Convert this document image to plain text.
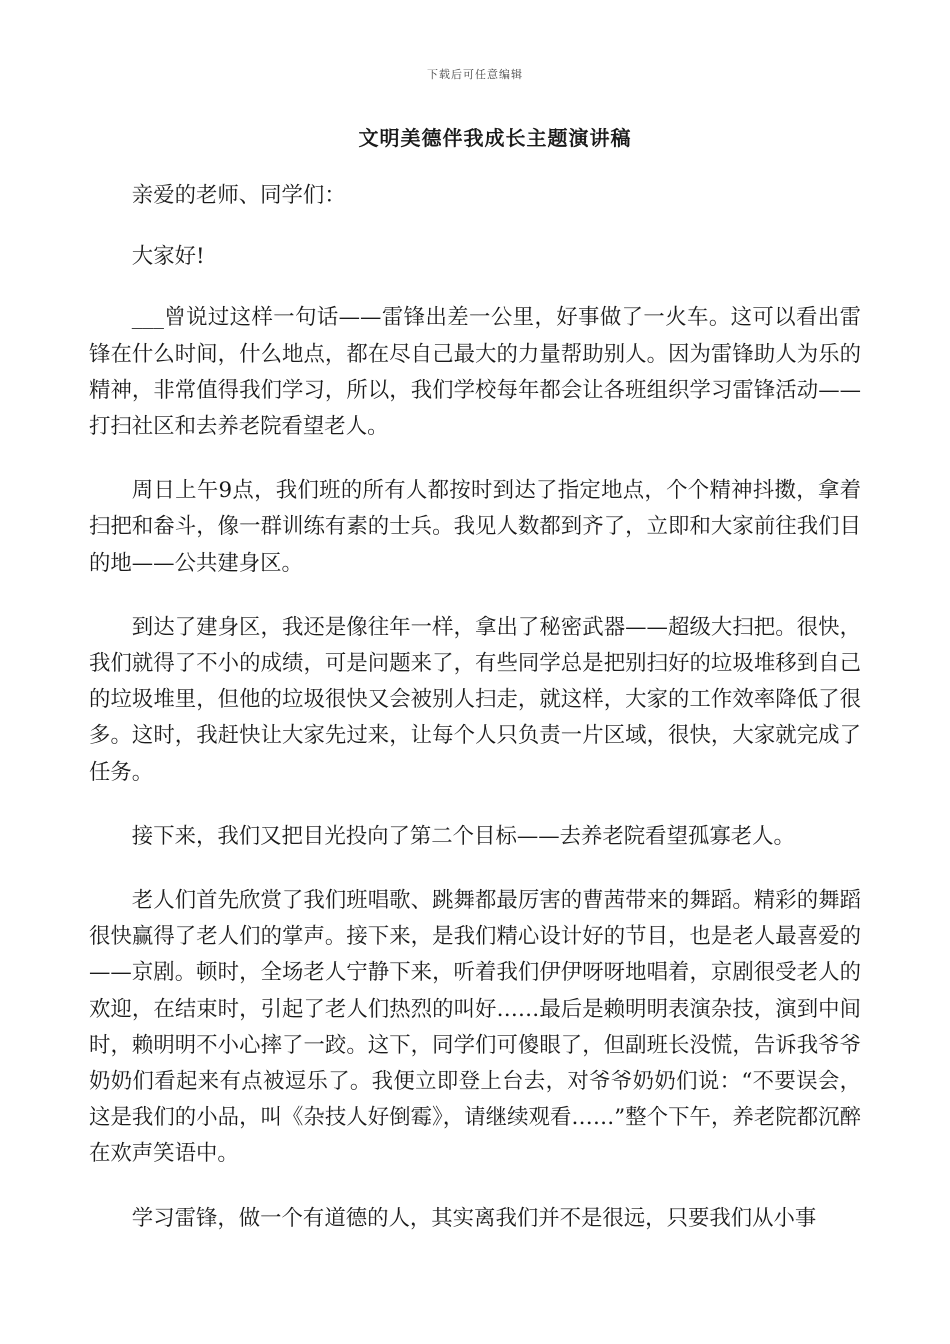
下载后可任意编辑
文明美德伴我成长主题演讲稿

亲爱的老师、同学们：

大家好!

___曾说过这样一句话——雷锋出差一公里，好事做了一火车。这可以看出雷锋在什么时间，什么地点，都在尽自己最大的力量帮助别人。因为雷锋助人为乐的精神，非常值得我们学习，所以，我们学校每年都会让各班组织学习雷锋活动——打扫社区和去养老院看望老人。

周日上午9点，我们班的所有人都按时到达了指定地点，个个精神抖擞，拿着扫把和畚斗，像一群训练有素的士兵。我见人数都到齐了，立即和大家前往我们目的地——公共建身区。

到达了建身区，我还是像往年一样，拿出了秘密武器——超级大扫把。很快，我们就得了不小的成绩，可是问题来了，有些同学总是把别扫好的垃圾堆移到自己的垃圾堆里，但他的垃圾很快又会被别人扫走，就这样，大家的工作效率降低了很多。这时，我赶快让大家先过来，让每个人只负责一片区域，很快，大家就完成了任务。

接下来，我们又把目光投向了第二个目标——去养老院看望孤寡老人。

老人们首先欣赏了我们班唱歌、跳舞都最厉害的曹茜带来的舞蹈。精彩的舞蹈很快赢得了老人们的掌声。接下来，是我们精心设计好的节目，也是老人最喜爱的——京剧。顿时，全场老人宁静下来，听着我们伊伊呀呀地唱着，京剧很受老人的欢迎，在结束时，引起了老人们热烈的叫好……最后是赖明明表演杂技，演到中间时，赖明明不小心摔了一跤。这下，同学们可傻眼了，但副班长没慌，告诉我爷爷奶奶们看起来有点被逗乐了。我便立即登上台去，对爷爷奶奶们说：“不要误会，这是我们的小品，叫《杂技人好倒霉》，请继续观看……”整个下午，养老院都沉醉在欢声笑语中。

学习雷锋，做一个有道德的人，其实离我们并不是很远，只要我们从小事
